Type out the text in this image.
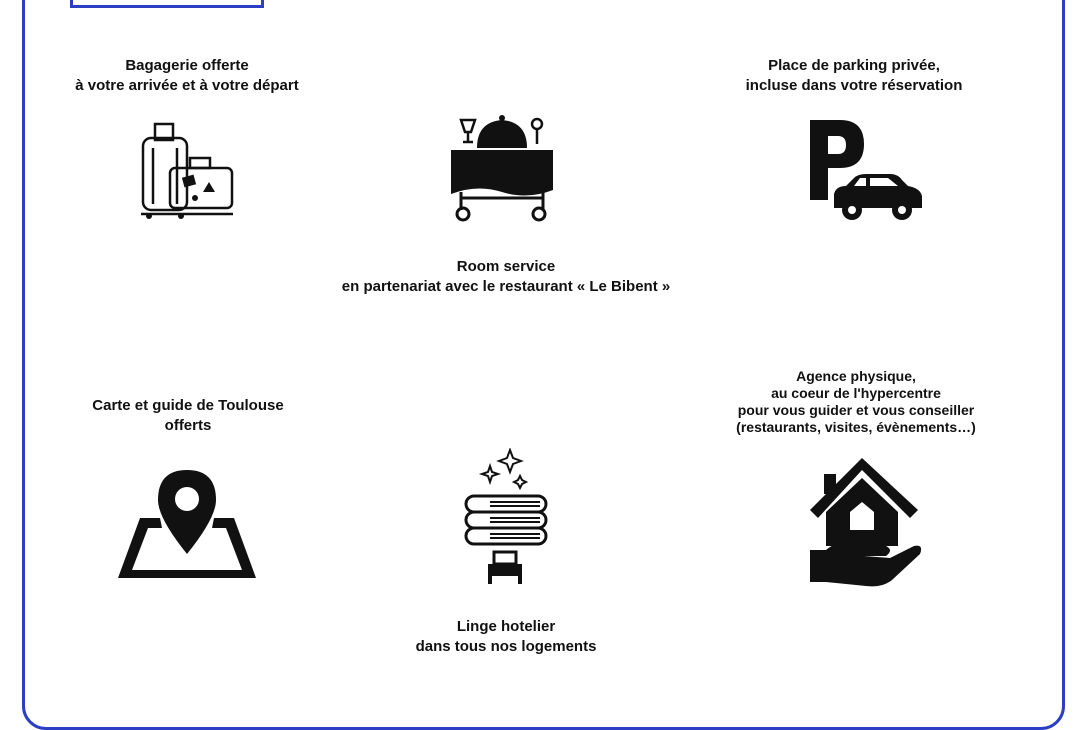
Bagagerie offerte
à votre arrivée et à votre départ
Room service
en partenariat avec le restaurant « Le Bibent »
Place de parking privée,
incluse dans votre réservation
Carte et guide de Toulouse
offerts
Linge hotelier
dans tous nos logements
Agence physique,
au coeur de l'hypercentre
pour vous guider et vous conseiller
(restaurants, visites, évènements…)
